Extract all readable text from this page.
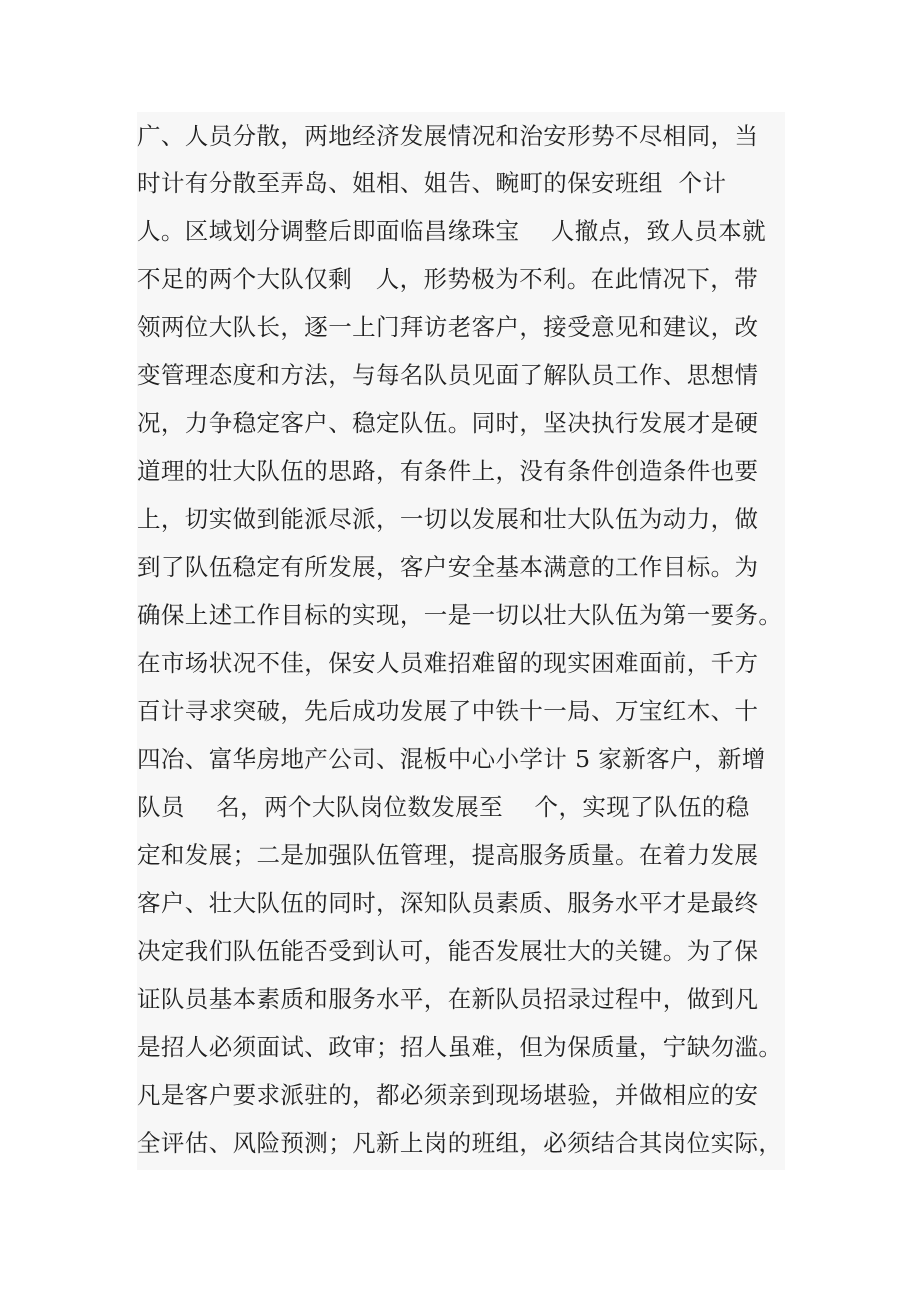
广、人员分散，两地经济发展情况和治安形势不尽相同，当
时计有分散至弄岛、姐相、姐告、畹町的保安班组  个计
人。区域划分调整后即面临昌缘珠宝    人撤点，致人员本就
不足的两个大队仅剩   人，形势极为不利。在此情况下，带
领两位大队长，逐一上门拜访老客户，接受意见和建议，改
变管理态度和方法，与每名队员见面了解队员工作、思想情
况，力争稳定客户、稳定队伍。同时，坚决执行发展才是硬
道理的壮大队伍的思路，有条件上，没有条件创造条件也要
上，切实做到能派尽派，一切以发展和壮大队伍为动力，做
到了队伍稳定有所发展，客户安全基本满意的工作目标。为
确保上述工作目标的实现，一是一切以壮大队伍为第一要务。
在市场状况不佳，保安人员难招难留的现实困难面前，千方
百计寻求突破，先后成功发展了中铁十一局、万宝红木、十
四冶、富华房地产公司、混板中心小学计 5 家新客户，新增
队员    名，两个大队岗位数发展至    个，实现了队伍的稳
定和发展；二是加强队伍管理，提高服务质量。在着力发展
客户、壮大队伍的同时，深知队员素质、服务水平才是最终
决定我们队伍能否受到认可，能否发展壮大的关键。为了保
证队员基本素质和服务水平，在新队员招录过程中，做到凡
是招人必须面试、政审；招人虽难，但为保质量，宁缺勿滥。
凡是客户要求派驻的，都必须亲到现场堪验，并做相应的安
全评估、风险预测；凡新上岗的班组，必须结合其岗位实际，
